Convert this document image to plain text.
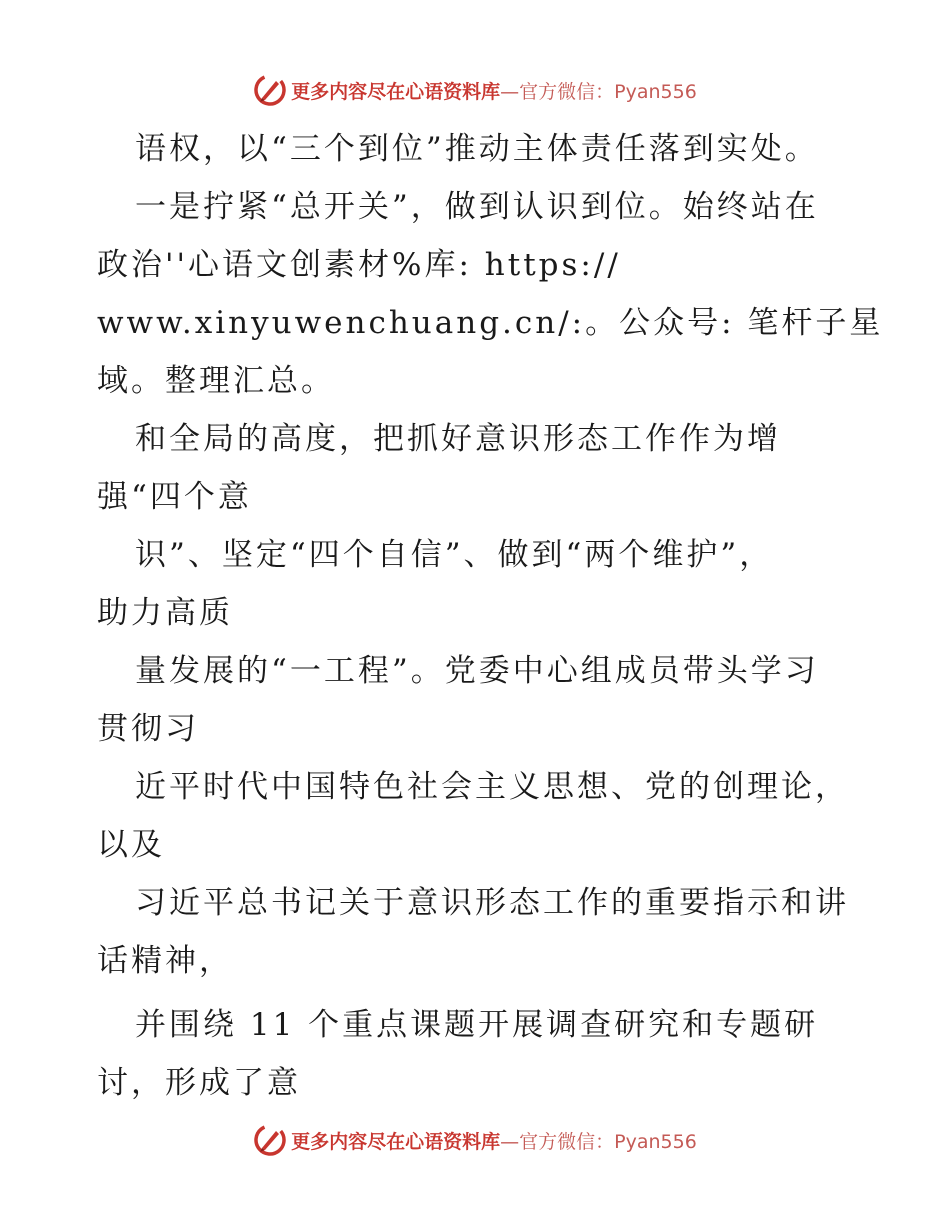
更多内容尽在心语资料库 —官方微信：Pyan556
语权，以“三个到位”推动主体责任落到实处。
一是拧紧“总开关”，做到认识到位。始终站在
政治''心语文创素材%库: https://
www.xinyuwenchuang.cn/:。公众号: 笔杆子星
域。整理汇总。
和全局的高度，把抓好意识形态工作作为增
强“四个意
识”、坚定“四个自信”、做到“两个维护”，
助力高质
量发展的“一工程”。党委中心组成员带头学习
贯彻习
近平时代中国特色社会主义思想、党的创理论，
以及
习近平总书记关于意识形态工作的重要指示和讲
话精神，
并围绕 11 个重点课题开展调查研究和专题研
讨，形成了意
更多内容尽在心语资料库 —官方微信：Pyan556
